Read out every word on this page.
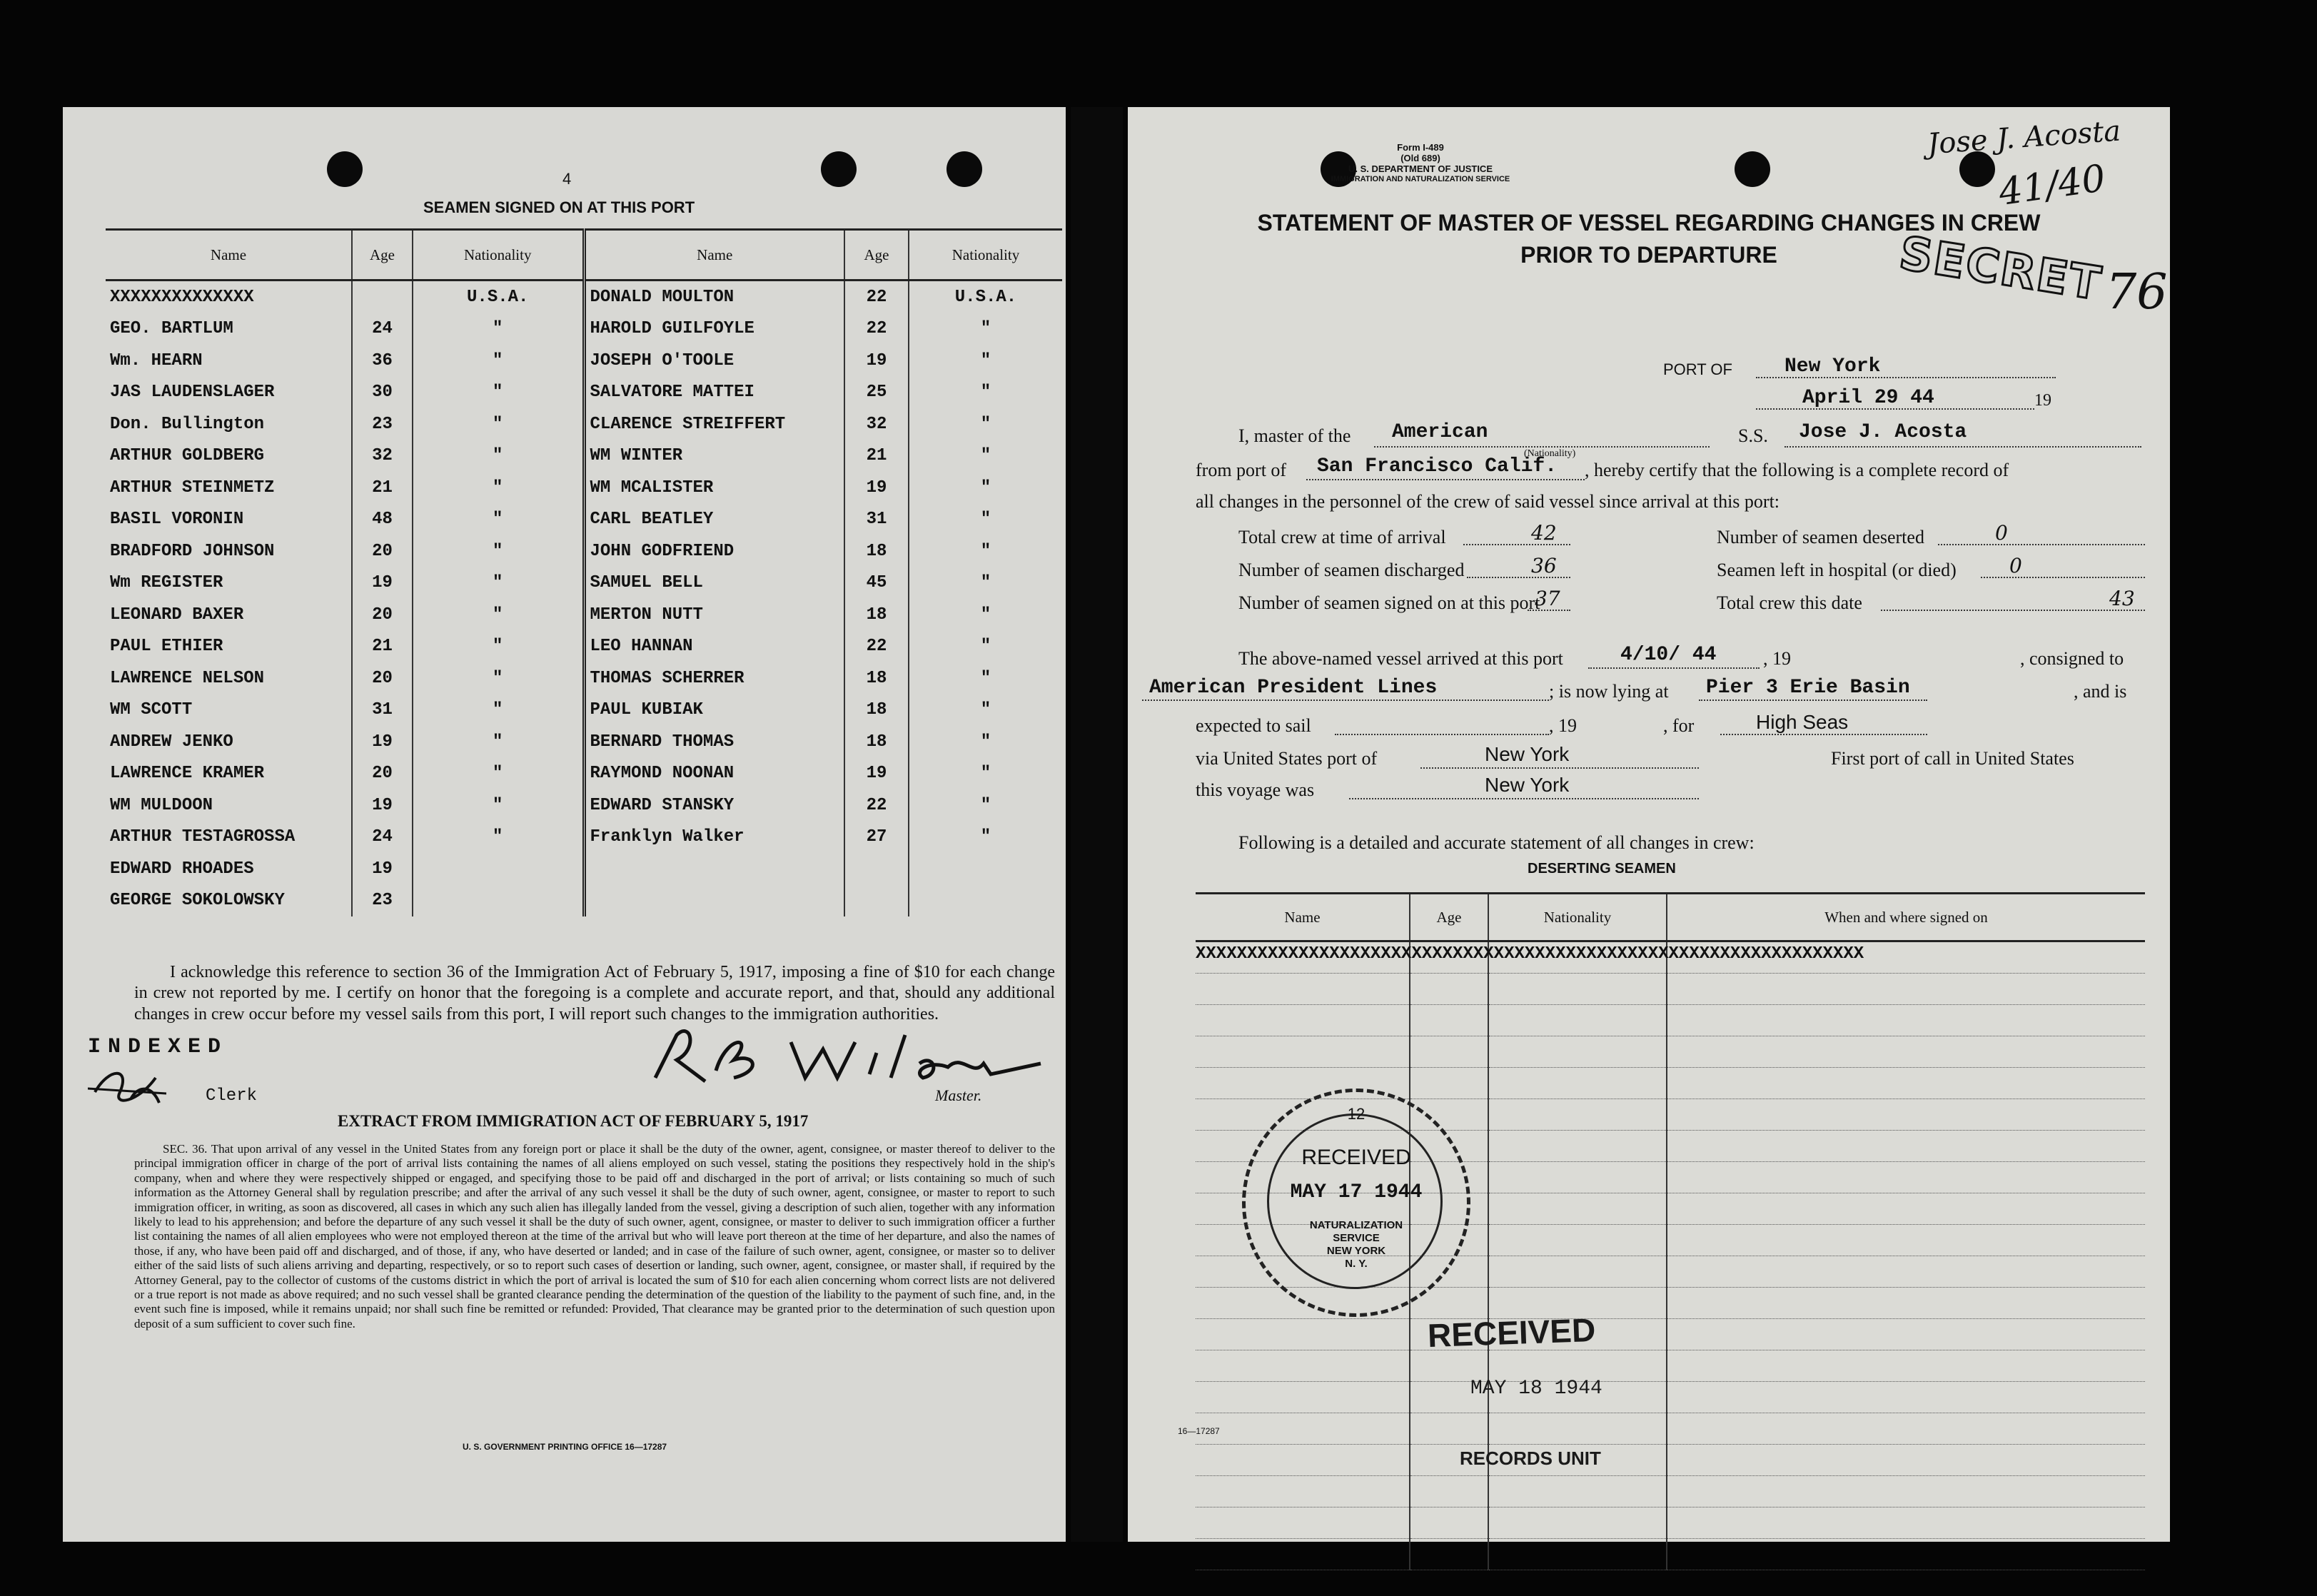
4
SEAMEN SIGNED ON AT THIS PORT
Name	Age	Nationality	Name	Age	Nationality
XXXXXXXXXXXXXX		U.S.A.	DONALD MOULTON	22	U.S.A.
GEO. BARTLUM	24	"	HAROLD GUILFOYLE	22	"
Wm. HEARN	36	"	JOSEPH O'TOOLE	19	"
JAS LAUDENSLAGER	30	"	SALVATORE MATTEI	25	"
Don. Bullington	23	"	CLARENCE STREIFFERT	32	"
ARTHUR GOLDBERG	32	"	WM WINTER	21	"
ARTHUR STEINMETZ	21	"	WM MCALISTER	19	"
BASIL VORONIN	48	"	CARL BEATLEY	31	"
BRADFORD JOHNSON	20	"	JOHN GODFRIEND	18	"
Wm REGISTER	19	"	SAMUEL BELL	45	"
LEONARD BAXER	20	"	MERTON NUTT	18	"
PAUL ETHIER	21	"	LEO HANNAN	22	"
LAWRENCE NELSON	20	"	THOMAS SCHERRER	18	"
WM SCOTT	31	"	PAUL KUBIAK	18	"
ANDREW JENKO	19	"	BERNARD THOMAS	18	"
LAWRENCE KRAMER	20	"	RAYMOND NOONAN	19	"
WM MULDOON	19	"	EDWARD STANSKY	22	"
ARTHUR TESTAGROSSA	24	"	Franklyn Walker	27	"
EDWARD RHOADES	19				
GEORGE SOKOLOWSKY	23				
I acknowledge this reference to section 36 of the Immigration Act of February 5, 1917, imposing a fine of $10 for each change in crew not reported by me. I certify on honor that the foregoing is a complete and accurate report, and that, should any additional changes in crew occur before my vessel sails from this port, I will report such changes to the immigration authorities.
INDEXED
Clerk	Master.
EXTRACT FROM IMMIGRATION ACT OF FEBRUARY 5, 1917
SEC. 36. That upon arrival of any vessel in the United States from any foreign port or place it shall be the duty of the owner, agent, consignee, or master thereof to deliver to the principal immigration officer in charge of the port of arrival lists containing the names of all aliens employed on such vessel, stating the positions they respectively hold in the ship's company, when and where they were respectively shipped or engaged, and specifying those to be paid off and discharged in the port of arrival; or lists containing so much of such information as the Attorney General shall by regulation prescribe; and after the arrival of any such vessel it shall be the duty of such owner, agent, consignee, or master to report to such immigration officer, in writing, as soon as discovered, all cases in which any such alien has illegally landed from the vessel, giving a description of such alien, together with any information likely to lead to his apprehension; and before the departure of any such vessel it shall be the duty of such owner, agent, consignee, or master to deliver to such immigration officer a further list containing the names of all alien employees who were not employed thereon at the time of the arrival but who will leave port thereon at the time of her departure, and also the names of those, if any, who have been paid off and discharged, and of those, if any, who have deserted or landed; and in case of the failure of such owner, agent, consignee, or master so to deliver either of the said lists of such aliens arriving and departing, respectively, or so to report such cases of desertion or landing, such owner, agent, consignee, or master shall, if required by the Attorney General, pay to the collector of customs of the customs district in which the port of arrival is located the sum of $10 for each alien concerning whom correct lists are not delivered or a true report is not made as above required; and no such vessel shall be granted clearance pending the determination of the question of the liability to the payment of such fine, and, in the event such fine is imposed, while it remains unpaid; nor shall such fine be remitted or refunded: Provided, That clearance may be granted prior to the determination of such question upon deposit of a sum sufficient to cover such fine.
U. S. GOVERNMENT PRINTING OFFICE 16—17287
Form I-489
(Old 689)
U. S. DEPARTMENT OF JUSTICE
IMMIGRATION AND NATURALIZATION SERVICE
Jose J. Acosta
41/40
STATEMENT OF MASTER OF VESSEL REGARDING CHANGES IN CREW
PRIOR TO DEPARTURE	SECRET 76
PORT OF	New York
April 29 44	19
I, master of the American
(Nationality)
S.S. Jose J. Acosta
from port of San Francisco Calif. , hereby certify that the following is a complete record of
all changes in the personnel of the crew of said vessel since arrival at this port:
Total crew at time of arrival	42	Number of seamen deserted	0
Number of seamen discharged	36	Seamen left in hospital (or died)	0
Number of seamen signed on at this port
37	Total crew this date	43
The above-named vessel arrived at this port	4/10/ 44	, 19	, consigned to
American President Lines	; is now lying at Pier 3 Erie Basin	, and is
expected to sail	, 19	, for	High Seas
via United States port of	New York	First port of call in United States
this voyage was	New York
Following is a detailed and accurate statement of all changes in crew:
DESERTING SEAMEN
Name	Age	Nationality	When and where signed on

XXXXXXXXXXXXXXXXXXXXXXXXXXXXXXXXXXXXXXXXXXXXXXXXXXXXXXXXXXXXXXXXX
12
RECEIVED
MAY 17 1944
NATURALIZATION
SERVICE
NEW YORK
N. Y.
RECEIVED
MAY 18 1944
16—17287
RECORDS UNIT
